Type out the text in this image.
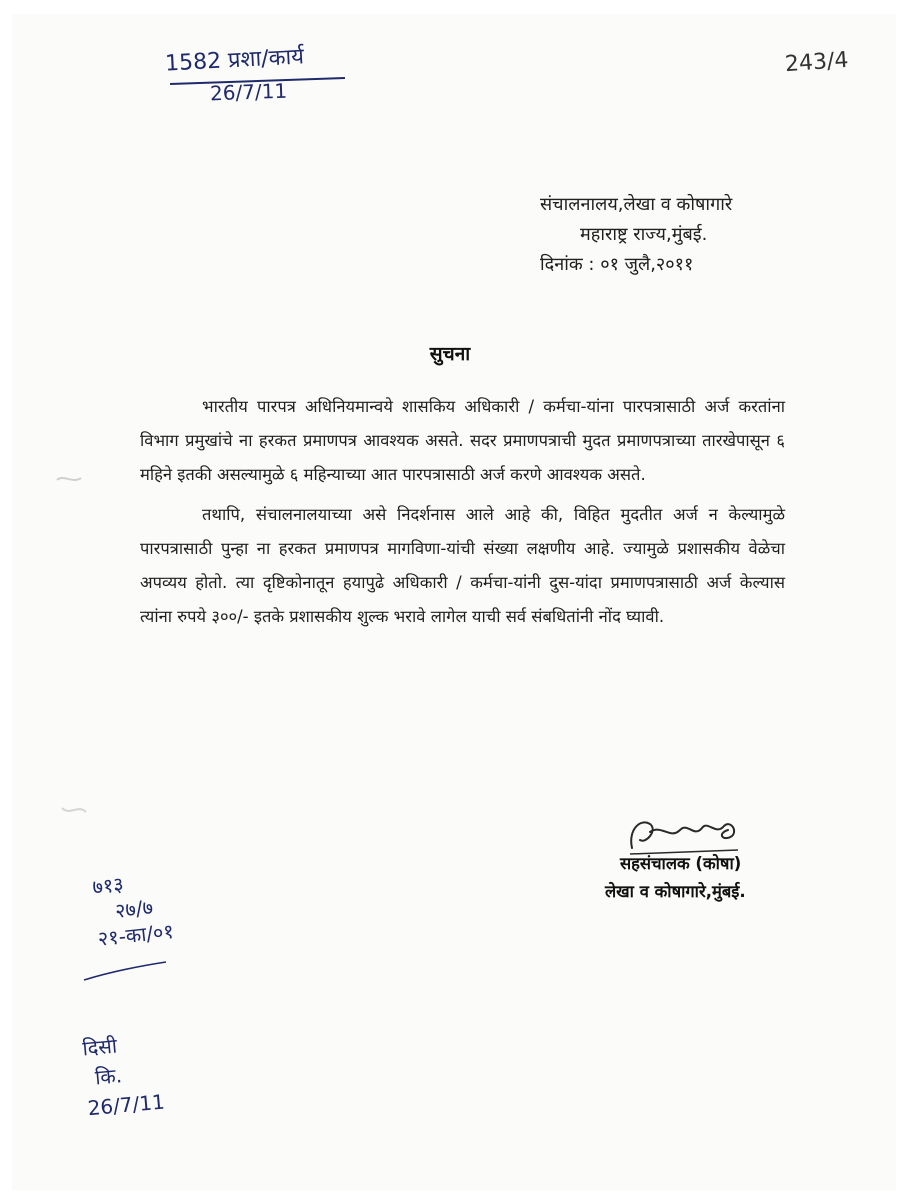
1582 प्रशा/कार्य
26/7/11
243/4
संचालनालय,लेखा व कोषागारे
महाराष्ट्र राज्य,मुंबई.
दिनांक : ०१ जुलै,२०११
सुचना

भारतीय पारपत्र अधिनियमान्वये शासकिय अधिकारी / कर्मचा-यांना पारपत्रासाठी अर्ज करतांना विभाग प्रमुखांचे ना हरकत प्रमाणपत्र आवश्यक असते. सदर प्रमाणपत्राची मुदत प्रमाणपत्राच्या तारखेपासून ६ महिने इतकी असल्यामुळे ६ महिन्याच्या आत पारपत्रासाठी अर्ज करणे आवश्यक असते.

तथापि, संचालनालयाच्या असे निदर्शनास आले आहे की, विहित मुदतीत अर्ज न केल्यामुळे पारपत्रासाठी पुन्हा ना हरकत प्रमाणपत्र मागविणा-यांची संख्या लक्षणीय आहे. ज्यामुळे प्रशासकीय वेळेचा अपव्यय होतो. त्या दृष्टिकोनातून हयापुढे अधिकारी / कर्मचा-यांनी दुस-यांदा प्रमाणपत्रासाठी अर्ज केल्यास त्यांना रुपये ३००/- इतके प्रशासकीय शुल्क भरावे लागेल याची सर्व संबधितांनी नोंद घ्यावी.

सहसंचालक (कोषा)
लेखा व कोषागारे,मुंबई.
७१३
२७/७
२१-का/०१
दिसी
कि.
26/7/11
